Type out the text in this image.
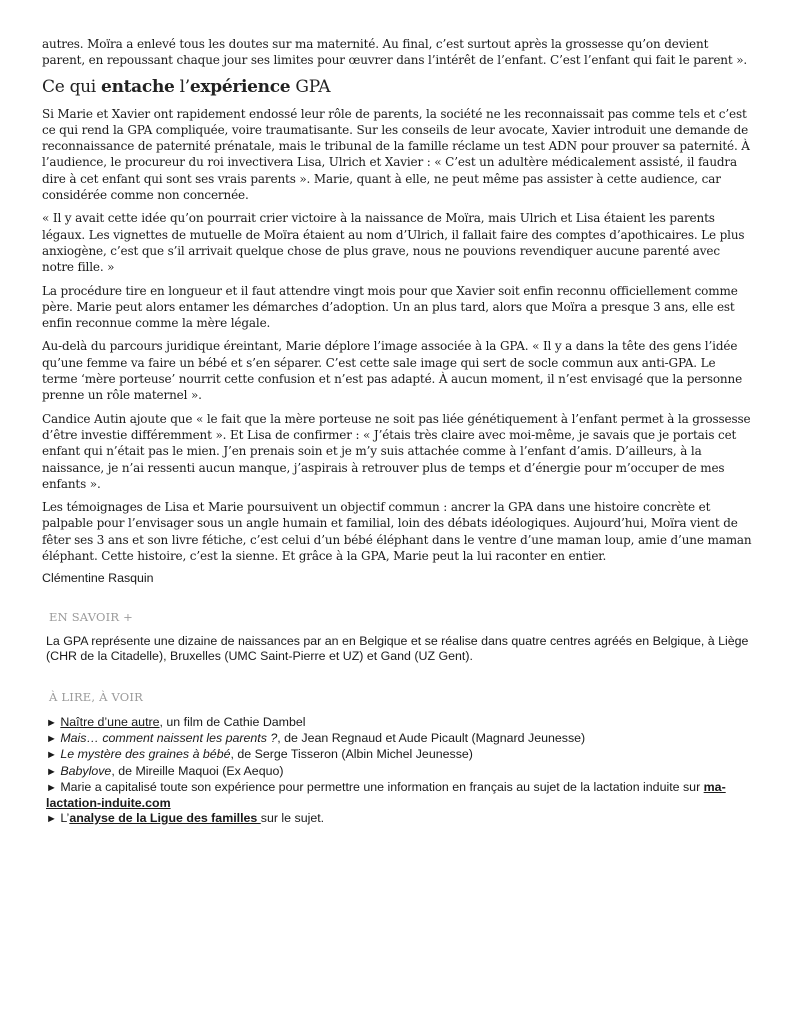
autres. Moïra a enlevé tous les doutes sur ma maternité. Au final, c’est surtout après la grossesse qu’on devient parent, en repoussant chaque jour ses limites pour œuvrer dans l’intérêt de l’enfant. C’est l’enfant qui fait le parent ».

Ce qui entache l’expérience GPA

Si Marie et Xavier ont rapidement endossé leur rôle de parents, la société ne les reconnaissait pas comme tels et c’est ce qui rend la GPA compliquée, voire traumatisante. Sur les conseils de leur avocate, Xavier introduit une demande de reconnaissance de paternité prénatale, mais le tribunal de la famille réclame un test ADN pour prouver sa paternité. À l’audience, le procureur du roi invectivera Lisa, Ulrich et Xavier : « C’est un adultère médicalement assisté, il faudra dire à cet enfant qui sont ses vrais parents ». Marie, quant à elle, ne peut même pas assister à cette audience, car considérée comme non concernée.

« Il y avait cette idée qu’on pourrait crier victoire à la naissance de Moïra, mais Ulrich et Lisa étaient les parents légaux. Les vignettes de mutuelle de Moïra étaient au nom d’Ulrich, il fallait faire des comptes d’apothicaires. Le plus anxiogène, c’est que s’il arrivait quelque chose de plus grave, nous ne pouvions revendiquer aucune parenté avec notre fille. »

La procédure tire en longueur et il faut attendre vingt mois pour que Xavier soit enfin reconnu officiellement comme père. Marie peut alors entamer les démarches d’adoption. Un an plus tard, alors que Moïra a presque 3 ans, elle est enfin reconnue comme la mère légale.

Au-delà du parcours juridique éreintant, Marie déplore l’image associée à la GPA. « Il y a dans la tête des gens l’idée qu’une femme va faire un bébé et s’en séparer. C’est cette sale image qui sert de socle commun aux anti-GPA. Le terme ‘mère porteuse’ nourrit cette confusion et n’est pas adapté. À aucun moment, il n’est envisagé que la personne prenne un rôle maternel ».

Candice Autin ajoute que « le fait que la mère porteuse ne soit pas liée génétiquement à l’enfant permet à la grossesse d’être investie différemment ». Et Lisa de confirmer : « J’étais très claire avec moi-même, je savais que je portais cet enfant qui n’était pas le mien. J’en prenais soin et je m’y suis attachée comme à l’enfant d’amis. D’ailleurs, à la naissance, je n’ai ressenti aucun manque, j’aspirais à retrouver plus de temps et d’énergie pour m’occuper de mes enfants ».

Les témoignages de Lisa et Marie poursuivent un objectif commun : ancrer la GPA dans une histoire concrète et palpable pour l’envisager sous un angle humain et familial, loin des débats idéologiques. Aujourd’hui, Moïra vient de fêter ses 3 ans et son livre fétiche, c’est celui d’un bébé éléphant dans le ventre d’une maman loup, amie d’une maman éléphant. Cette histoire, c’est la sienne. Et grâce à la GPA, Marie peut la lui raconter en entier.

Clémentine Rasquin

EN SAVOIR +

La GPA représente une dizaine de naissances par an en Belgique et se réalise dans quatre centres agréés en Belgique, à Liège (CHR de la Citadelle), Bruxelles (UMC Saint-Pierre et UZ) et Gand (UZ Gent).

À LIRE, À VOIR
► Naître d’une autre, un film de Cathie Dambel
► Mais… comment naissent les parents ?, de Jean Regnaud et Aude Picault (Magnard Jeunesse)
► Le mystère des graines à bébé, de Serge Tisseron (Albin Michel Jeunesse)
► Babylove, de Mireille Maquoi (Ex Aequo)
► Marie a capitalisé toute son expérience pour permettre une information en français au sujet de la lactation induite sur ma-lactation-induite.com
► L’analyse de la Ligue des familles sur le sujet.
